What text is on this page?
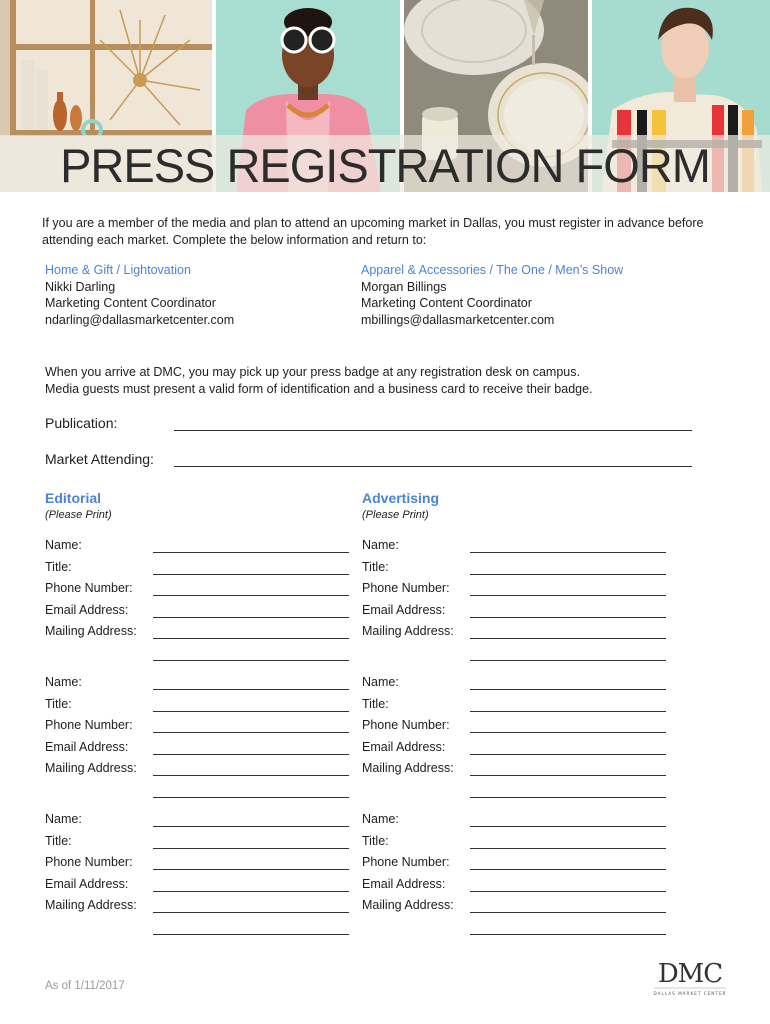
PRESS REGISTRATION FORM

If you are a member of the media and plan to attend an upcoming market in Dallas, you must register in advance before attending each market. Complete the below information and return to:

Home & Gift / Lightovation
Nikki Darling
Marketing Content Coordinator
ndarling@dallasmarketcenter.com
Apparel & Accessories / The One / Men’s Show
Morgan Billings
Marketing Content Coordinator
mbillings@dallasmarketcenter.com
When you arrive at DMC, you may pick up your press badge at any registration desk on campus.
Media guests must present a valid form of identification and a business card to receive their badge.
Publication:
Market Attending:
Editorial
(Please Print)
Advertising
(Please Print)
Name:
Title:
Phone Number:
Email Address:
Mailing Address:
Name:
Title:
Phone Number:
Email Address:
Mailing Address:
Name:
Title:
Phone Number:
Email Address:
Mailing Address:
Name:
Title:
Phone Number:
Email Address:
Mailing Address:
Name:
Title:
Phone Number:
Email Address:
Mailing Address:
Name:
Title:
Phone Number:
Email Address:
Mailing Address:
As of 1/11/2017	DMC
DALLAS MARKET CENTER
